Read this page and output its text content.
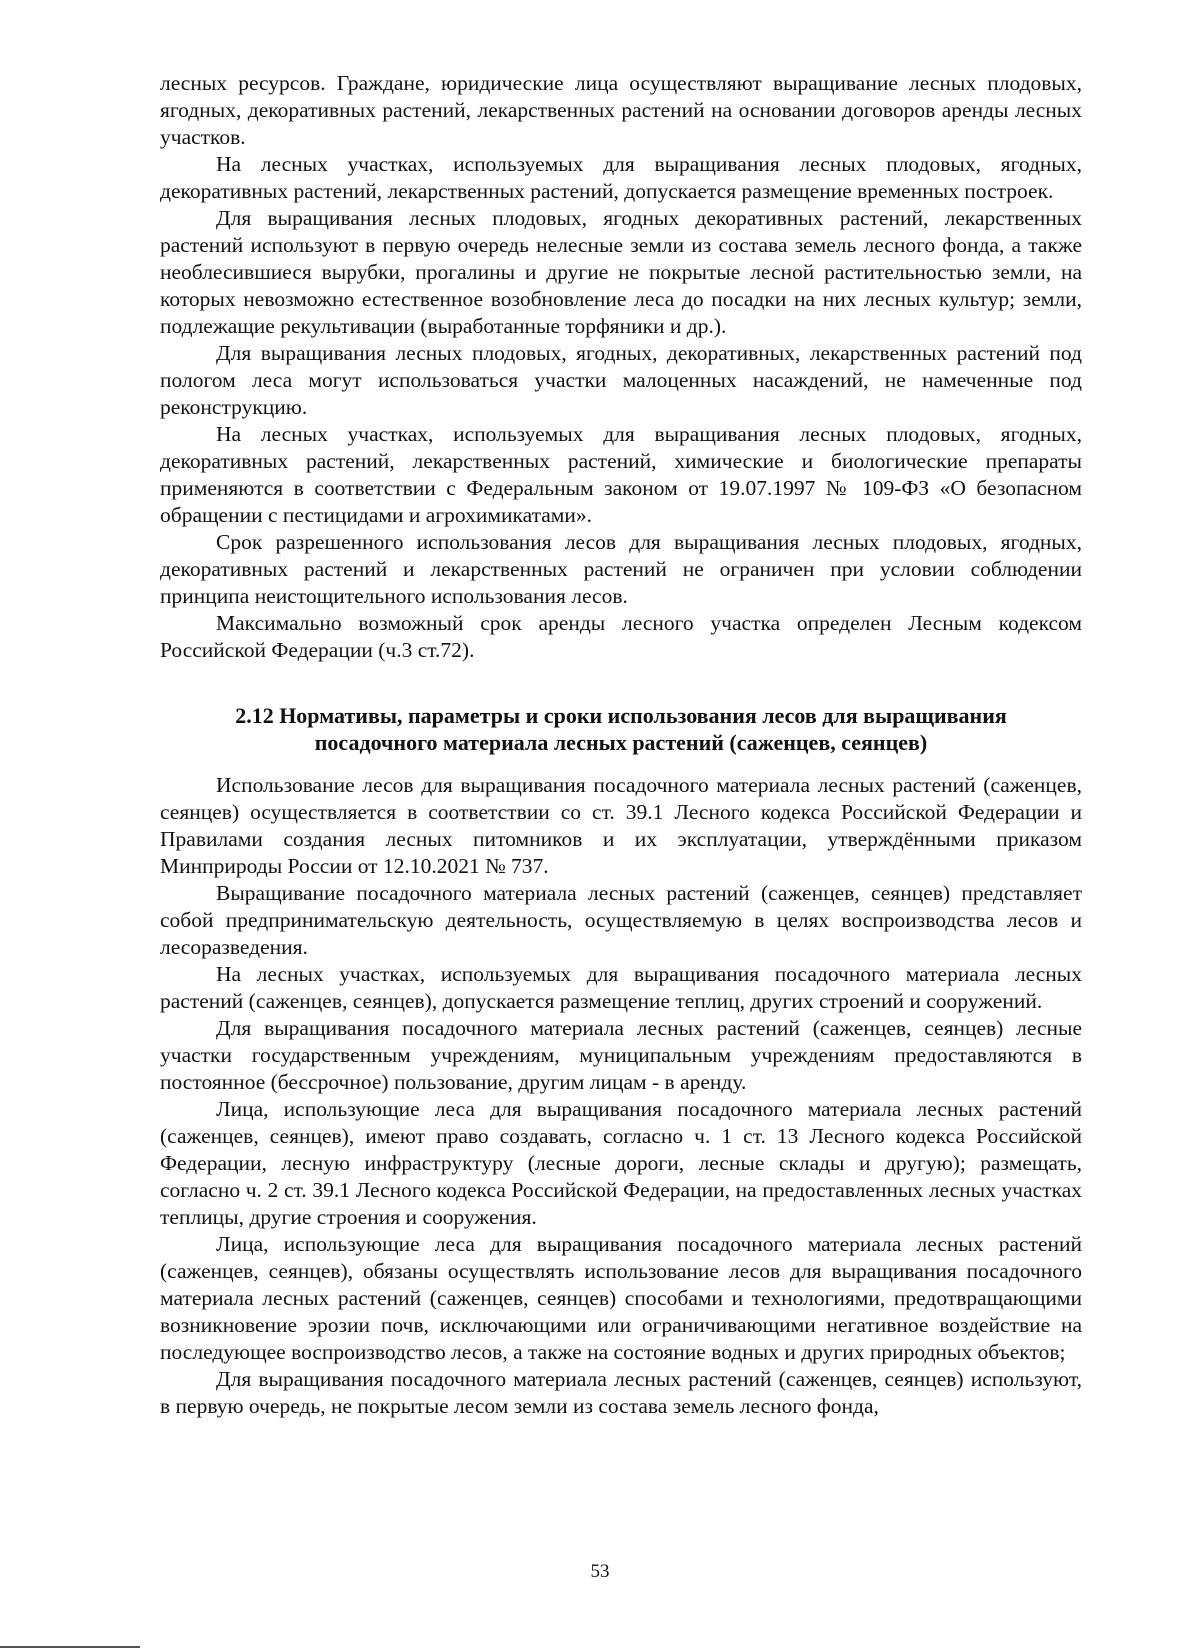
лесных ресурсов. Граждане, юридические лица осуществляют выращивание лесных плодовых, ягодных, декоративных растений, лекарственных растений на основании договоров аренды лесных участков.

На лесных участках, используемых для выращивания лесных плодовых, ягодных, декоративных растений, лекарственных растений, допускается размещение временных построек.

Для выращивания лесных плодовых, ягодных декоративных растений, лекарственных растений используют в первую очередь нелесные земли из состава земель лесного фонда, а также необлесившиеся вырубки, прогалины и другие не покрытые лесной растительностью земли, на которых невозможно естественное возобновление леса до посадки на них лесных культур; земли, подлежащие рекультивации (выработанные торфяники и др.).

Для выращивания лесных плодовых, ягодных, декоративных, лекарственных растений под пологом леса могут использоваться участки малоценных насаждений, не намеченные под реконструкцию.

На лесных участках, используемых для выращивания лесных плодовых, ягодных, декоративных растений, лекарственных растений, химические и биологические препараты применяются в соответствии с Федеральным законом от 19.07.1997 № 109-ФЗ «О безопасном обращении с пестицидами и агрохимикатами».

Срок разрешенного использования лесов для выращивания лесных плодовых, ягодных, декоративных растений и лекарственных растений не ограничен при условии соблюдении принципа неистощительного использования лесов.

Максимально возможный срок аренды лесного участка определен Лесным кодексом Российской Федерации (ч.3 ст.72).

2.12 Нормативы, параметры и сроки использования лесов для выращивания
посадочного материала лесных растений (саженцев, сеянцев)

Использование лесов для выращивания посадочного материала лесных растений (саженцев, сеянцев) осуществляется в соответствии со ст. 39.1 Лесного кодекса Российской Федерации и Правилами создания лесных питомников и их эксплуатации, утверждёнными приказом Минприроды России от 12.10.2021 № 737.

Выращивание посадочного материала лесных растений (саженцев, сеянцев) представляет собой предпринимательскую деятельность, осуществляемую в целях воспроизводства лесов и лесоразведения.

На лесных участках, используемых для выращивания посадочного материала лесных растений (саженцев, сеянцев), допускается размещение теплиц, других строений и сооружений.

Для выращивания посадочного материала лесных растений (саженцев, сеянцев) лесные участки государственным учреждениям, муниципальным учреждениям предоставляются в постоянное (бессрочное) пользование, другим лицам - в аренду.

Лица, использующие леса для выращивания посадочного материала лесных растений (саженцев, сеянцев), имеют право создавать, согласно ч. 1 ст. 13 Лесного кодекса Российской Федерации, лесную инфраструктуру (лесные дороги, лесные склады и другую); размещать, согласно ч. 2 ст. 39.1 Лесного кодекса Российской Федерации, на предоставленных лесных участках теплицы, другие строения и сооружения.

Лица, использующие леса для выращивания посадочного материала лесных растений (саженцев, сеянцев), обязаны осуществлять использование лесов для выращивания посадочного материала лесных растений (саженцев, сеянцев) способами и технологиями, предотвращающими возникновение эрозии почв, исключающими или ограничивающими негативное воздействие на последующее воспроизводство лесов, а также на состояние водных и других природных объектов;

Для выращивания посадочного материала лесных растений (саженцев, сеянцев) используют, в первую очередь, не покрытые лесом земли из состава земель лесного фонда,

53
